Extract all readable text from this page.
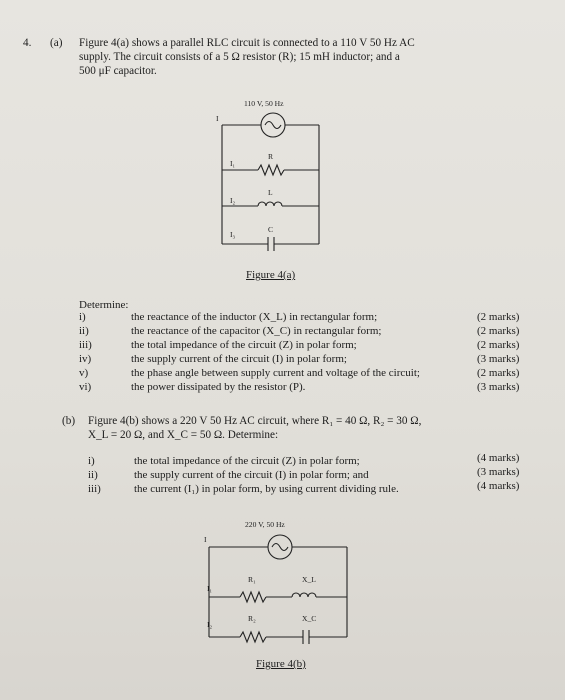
4. (a) Figure 4(a) shows a parallel RLC circuit is connected to a 110 V 50 Hz AC
supply. The circuit consists of a 5 Ω resistor (R); 15 mH inductor; and a
500 μF capacitor.
110 V, 50 Hz
I
I₁
I₂
I₃
R
L
C
Figure 4(a)
Determine:
i)	the reactance of the inductor (X_L) in rectangular form;	(2 marks)
ii)	the reactance of the capacitor (X_C) in rectangular form;	(2 marks)
iii)	the total impedance of the circuit (Z) in polar form;	(2 marks)
iv)	the supply current of the circuit (I) in polar form;	(3 marks)
v)	the phase angle between supply current and voltage of the circuit;	(2 marks)
vi)	the power dissipated by the resistor (P).	(3 marks)
(b) Figure 4(b) shows a 220 V 50 Hz AC circuit, where R₁ = 40 Ω, R₂ = 30 Ω,
X_L = 20 Ω, and X_C = 50 Ω. Determine:
i)	the total impedance of the circuit (Z) in polar form;	(4 marks)
ii)	the supply current of the circuit (I) in polar form; and	(3 marks)
iii)	the current (I₁) in polar form, by using current dividing rule.	(4 marks)
220 V, 50 Hz
I
I₁
I₂
R₁	X_L
R₂	X_C
Figure 4(b)
